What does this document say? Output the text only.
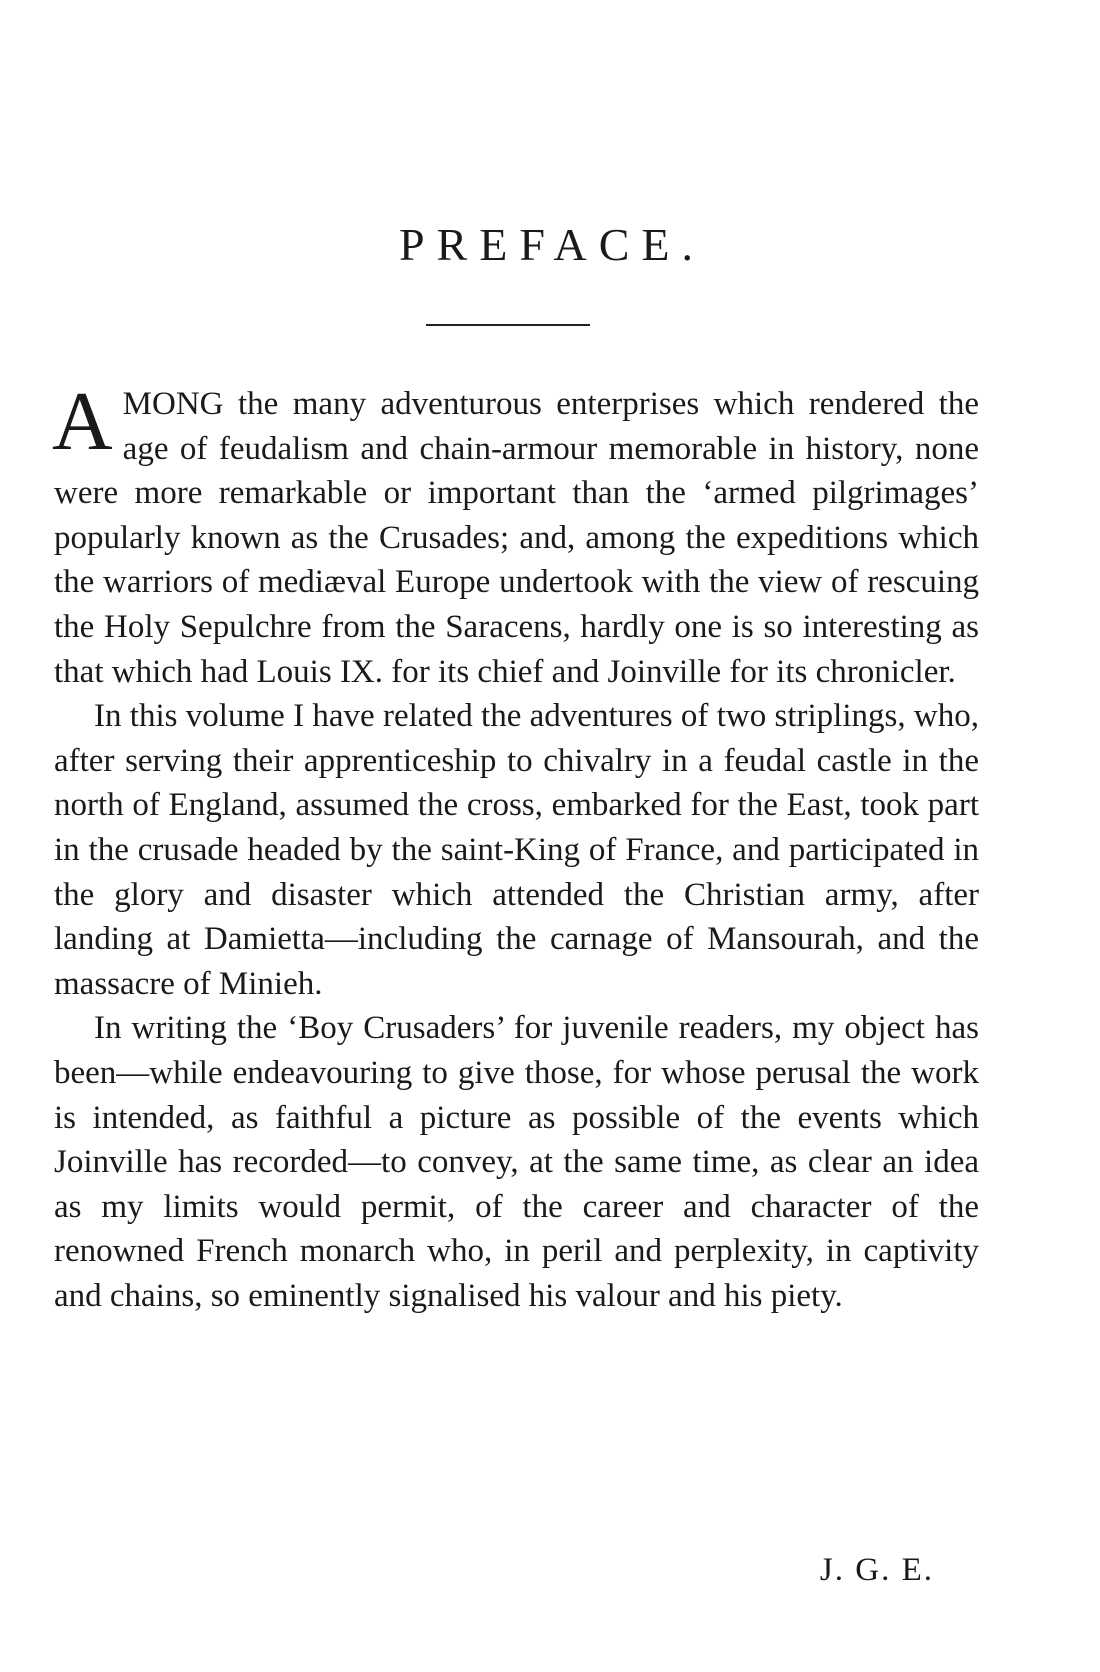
PREFACE.

AMONG the many adventurous enterprises which rendered the age of feudalism and chain-armour memorable in history, none were more remarkable or important than the ‘armed pilgrimages’ popularly known as the Crusades; and, among the expeditions which the warriors of mediæval Europe undertook with the view of rescuing the Holy Sepulchre from the Saracens, hardly one is so interesting as that which had Louis IX. for its chief and Joinville for its chronicler.

In this volume I have related the adventures of two striplings, who, after serving their apprenticeship to chivalry in a feudal castle in the north of England, assumed the cross, embarked for the East, took part in the crusade headed by the saint-King of France, and participated in the glory and disaster which attended the Christian army, after landing at Damietta—including the carnage of Mansourah, and the massacre of Minieh.

In writing the ‘Boy Crusaders’ for juvenile readers, my object has been—while endeavouring to give those, for whose perusal the work is intended, as faithful a picture as possible of the events which Joinville has recorded—to convey, at the same time, as clear an idea as my limits would permit, of the career and character of the renowned French monarch who, in peril and perplexity, in captivity and chains, so eminently signalised his valour and his piety.

J. G. E.
